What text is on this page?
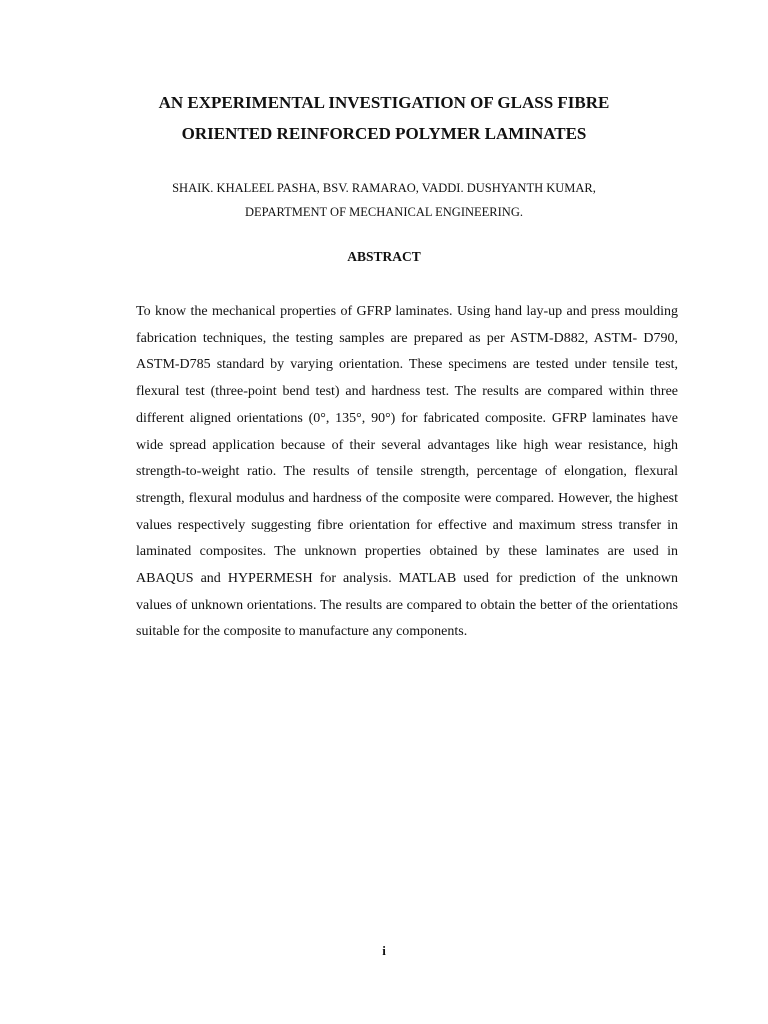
AN EXPERIMENTAL INVESTIGATION OF GLASS FIBRE
ORIENTED REINFORCED POLYMER LAMINATES
SHAIK. KHALEEL PASHA, BSV. RAMARAO, VADDI. DUSHYANTH KUMAR,
DEPARTMENT OF MECHANICAL ENGINEERING.
ABSTRACT

To know the mechanical properties of GFRP laminates. Using hand lay-up and press moulding fabrication techniques, the testing samples are prepared as per ASTM-D882, ASTM- D790, ASTM-D785 standard by varying orientation. These specimens are tested under tensile test, flexural test (three-point bend test) and hardness test. The results are compared within three different aligned orientations (0°, 135°, 90°) for fabricated composite. GFRP laminates have wide spread application because of their several advantages like high wear resistance, high strength-to-weight ratio. The results of tensile strength, percentage of elongation, flexural strength, flexural modulus and hardness of the composite were compared. However, the highest values respectively suggesting fibre orientation for effective and maximum stress transfer in laminated composites. The unknown properties obtained by these laminates are used in ABAQUS and HYPERMESH for analysis. MATLAB used for prediction of the unknown values of unknown orientations. The results are compared to obtain the better of the orientations suitable for the composite to manufacture any components.

i
